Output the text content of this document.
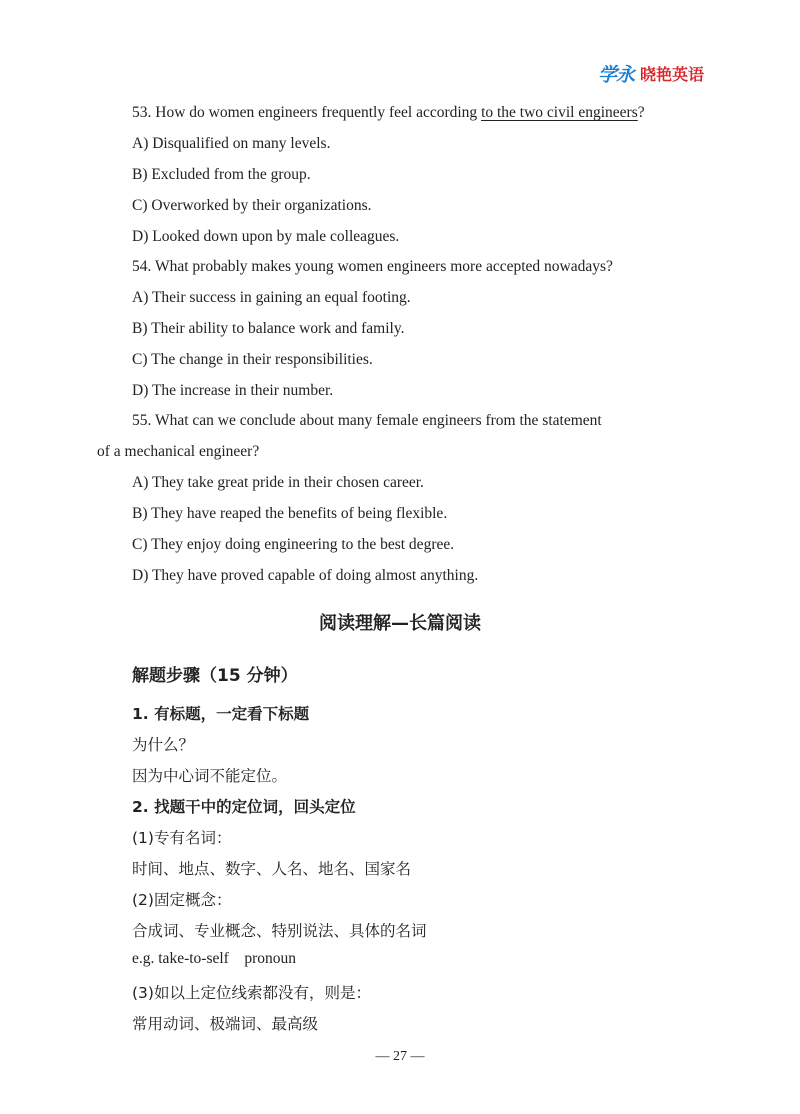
学永 晓艳英语
53. How do women engineers frequently feel according to the two civil engineers?
A) Disqualified on many levels.
B) Excluded from the group.
C) Overworked by their organizations.
D) Looked down upon by male colleagues.
54. What probably makes young women engineers more accepted nowadays?
A) Their success in gaining an equal footing.
B) Their ability to balance work and family.
C) The change in their responsibilities.
D) The increase in their number.
55. What can we conclude about many female engineers from the statement
of a mechanical engineer?
A) They take great pride in their chosen career.
B) They have reaped the benefits of being flexible.
C) They enjoy doing engineering to the best degree.
D) They have proved capable of doing almost anything.
阅读理解—长篇阅读
解题步骤（15 分钟）
1. 有标题，一定看下标题
为什么？
因为中心词不能定位。
2. 找题干中的定位词，回头定位
(1)专有名词：
时间、地点、数字、人名、地名、国家名
(2)固定概念：
合成词、专业概念、特别说法、具体的名词
e.g. take-to-self    pronoun
(3)如以上定位线索都没有，则是：
常用动词、极端词、最高级
— 27 —
